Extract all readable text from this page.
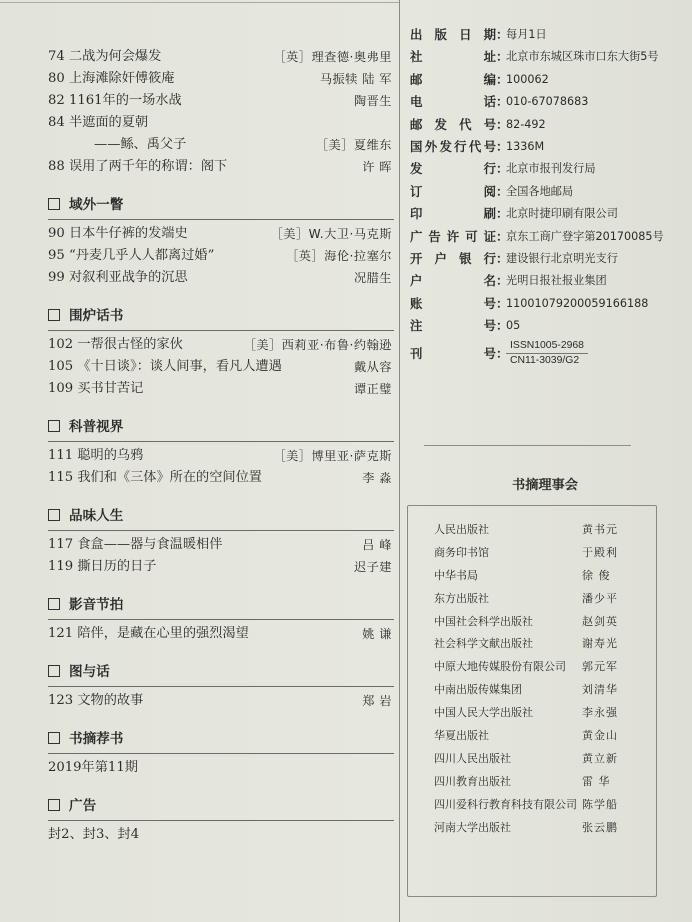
74 二战为何会爆发	［英］理查德·奥弗里
80 上海滩除奸傅筱庵	马振犊 陆 军
82 1161年的一场水战	陶晋生
84 半遮面的夏朝
——鲧、禹父子	［美］夏维东
88 误用了两千年的称谓：阁下	许 晖
域外一瞥
90 日本牛仔裤的发端史	［美］W.大卫·马克斯
95 “丹麦几乎人人都离过婚”	［英］海伦·拉塞尔
99 对叙利亚战争的沉思	况腊生
围炉话书
102 一帮很古怪的家伙	［美］西莉亚·布鲁·约翰逊
105 《十日谈》：谈人间事，看凡人遭遇	戴从容
109 买书甘苦记	谭正璧
科普视界
111 聪明的乌鸦	［美］博里亚·萨克斯
115 我们和《三体》所在的空间位置	李 淼
品味人生
117 食盒——器与食温暖相伴	吕 峰
119 撕日历的日子	迟子建
影音节拍
121 陪伴，是藏在心里的强烈渴望	姚 谦
图与话
123 文物的故事	郑 岩
书摘荐书
2019年第11期
广告
封2、封3、封4
出版日期 ：
每月1日
社址 ：
北京市东城区珠市口东大街5号
邮编 ：
100062
电话 ：
010-67078683
邮发代号 ：
82-492
国外发行代号 ：
1336M
发行 ：
北京市报刊发行局
订阅 ：
全国各地邮局
印刷 ：
北京时捷印刷有限公司
广告许可证 ：
京东工商广登字第20170085号
开户银行 ：
建设银行北京明光支行
户名 ：
光明日报社报业集团
账号 ：
11001079200059166188
注号 ：
05
刊号 ：
ISSN1005-2968
CN11-3039/G2
书摘理事会
人民出版社	黄书元
商务印书馆	于殿利
中华书局	徐 俊
东方出版社	潘少平
中国社会科学出版社	赵剑英
社会科学文献出版社	谢寿光
中原大地传媒股份有限公司 郭元军
中南出版传媒集团	刘清华
中国人民大学出版社	李永强
华夏出版社	黄金山
四川人民出版社	黄立新
四川教育出版社	雷 华
四川爱科行教育科技有限公司 陈学船
河南大学出版社	张云鹏
